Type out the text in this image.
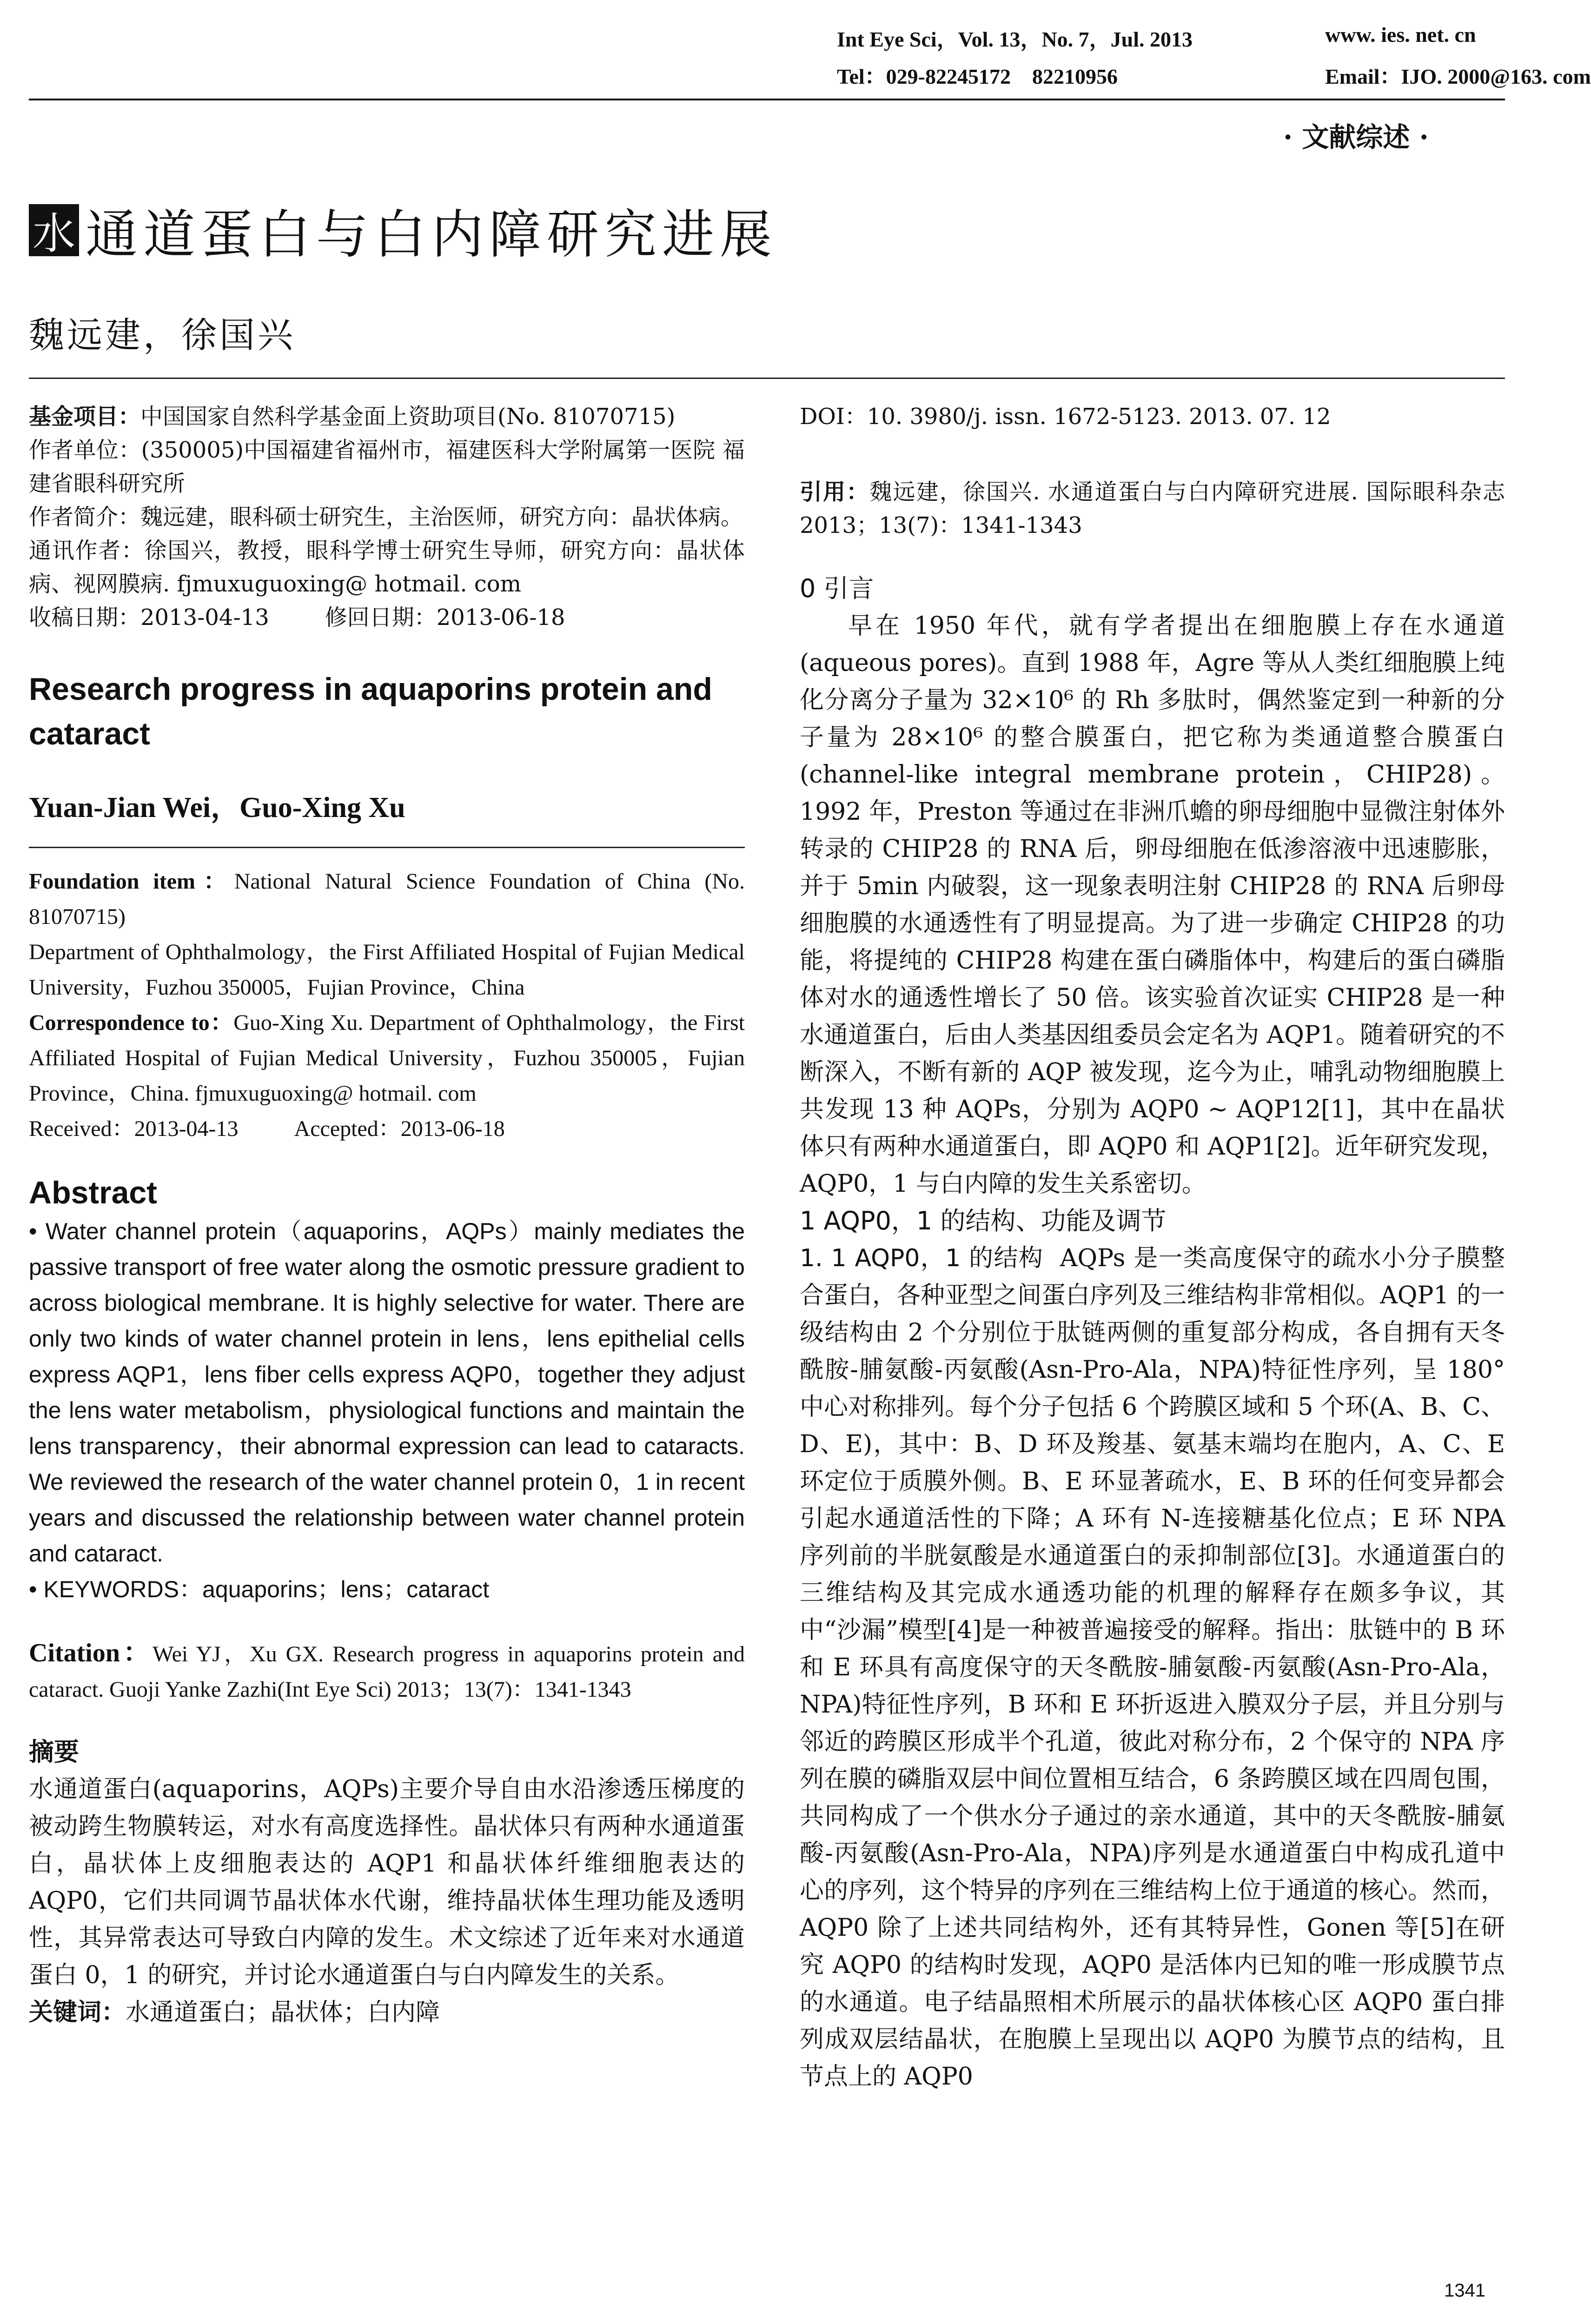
Int Eye Sci，Vol. 13，No. 7，Jul. 2013	www. ies. net. cn
Tel：029-82245172　82210956	Email：IJO. 2000@163. com
· 文献综述 ·
水 通道蛋白与白内障研究进展
魏远建，徐国兴
基金项目：中国国家自然科学基金面上资助项目(No. 81070715)
作者单位：(350005)中国福建省福州市，福建医科大学附属第一医院 福建省眼科研究所
作者简介：魏远建，眼科硕士研究生，主治医师，研究方向：晶状体病。
通讯作者：徐国兴，教授，眼科学博士研究生导师，研究方向：晶状体病、视网膜病. fjmuxuguoxing@ hotmail. com
收稿日期：2013-04-13	修回日期：2013-06-18
Research progress in aquaporins protein and cataract
Yuan-Jian Wei，Guo-Xing Xu
Foundation item：National Natural Science Foundation of China (No. 81070715)
Department of Ophthalmology，the First Affiliated Hospital of Fujian Medical University，Fuzhou 350005，Fujian Province，China
Correspondence to：Guo-Xing Xu. Department of Ophthalmology，the First Affiliated Hospital of Fujian Medical University，Fuzhou 350005，Fujian Province，China. fjmuxuguoxing@ hotmail. com
Received：2013-04-13	Accepted：2013-06-18
Abstract
• Water channel protein（aquaporins，AQPs）mainly mediates the passive transport of free water along the osmotic pressure gradient to across biological membrane. It is highly selective for water. There are only two kinds of water channel protein in lens，lens epithelial cells express AQP1，lens fiber cells express AQP0，together they adjust the lens water metabolism，physiological functions and maintain the lens transparency，their abnormal expression can lead to cataracts. We reviewed the research of the water channel protein 0，1 in recent years and discussed the relationship between water channel protein and cataract.
• KEYWORDS：aquaporins；lens；cataract
Citation：Wei YJ，Xu GX. Research progress in aquaporins protein and cataract. Guoji Yanke Zazhi(Int Eye Sci) 2013；13(7)：1341-1343
摘要
水通道蛋白(aquaporins，AQPs)主要介导自由水沿渗透压梯度的被动跨生物膜转运，对水有高度选择性。晶状体只有两种水通道蛋白，晶状体上皮细胞表达的 AQP1 和晶状体纤维细胞表达的 AQP0，它们共同调节晶状体水代谢，维持晶状体生理功能及透明性，其异常表达可导致白内障的发生。术文综述了近年来对水通道蛋白 0，1 的研究，并讨论水通道蛋白与白内障发生的关系。
关键词：水通道蛋白；晶状体；白内障
DOI：10. 3980/j. issn. 1672-5123. 2013. 07. 12
引用：魏远建，徐国兴. 水通道蛋白与白内障研究进展. 国际眼科杂志 2013；13(7)：1341-1343
0 引言
早在 1950 年代，就有学者提出在细胞膜上存在水通道(aqueous pores)。直到 1988 年，Agre 等从人类红细胞膜上纯化分离分子量为 32×10⁶ 的 Rh 多肽时，偶然鉴定到一种新的分子量为 28×10⁶ 的整合膜蛋白，把它称为类通道整合膜蛋白(channel-like integral membrane protein，CHIP28)。1992 年，Preston 等通过在非洲爪蟾的卵母细胞中显微注射体外转录的 CHIP28 的 RNA 后，卵母细胞在低渗溶液中迅速膨胀，并于 5min 内破裂，这一现象表明注射 CHIP28 的 RNA 后卵母细胞膜的水通透性有了明显提高。为了进一步确定 CHIP28 的功能，将提纯的 CHIP28 构建在蛋白磷脂体中，构建后的蛋白磷脂体对水的通透性增长了 50 倍。该实验首次证实 CHIP28 是一种水通道蛋白，后由人类基因组委员会定名为 AQP1。随着研究的不断深入，不断有新的 AQP 被发现，迄今为止，哺乳动物细胞膜上共发现 13 种 AQPs，分别为 AQP0 ~ AQP12[1]，其中在晶状体只有两种水通道蛋白，即 AQP0 和 AQP1[2]。近年研究发现，AQP0，1 与白内障的发生关系密切。
1 AQP0，1 的结构、功能及调节
1. 1 AQP0，1 的结构 AQPs 是一类高度保守的疏水小分子膜整合蛋白，各种亚型之间蛋白序列及三维结构非常相似。AQP1 的一级结构由 2 个分别位于肽链两侧的重复部分构成，各自拥有天冬酰胺-脯氨酸-丙氨酸(Asn-Pro-Ala，NPA)特征性序列，呈 180°中心对称排列。每个分子包括 6 个跨膜区域和 5 个环(A、B、C、D、E)，其中：B、D 环及羧基、氨基末端均在胞内，A、C、E 环定位于质膜外侧。B、E 环显著疏水，E、B 环的任何变异都会引起水通道活性的下降；A 环有 N-连接糖基化位点；E 环 NPA 序列前的半胱氨酸是水通道蛋白的汞抑制部位[3]。水通道蛋白的三维结构及其完成水通透功能的机理的解释存在颇多争议，其中“沙漏”模型[4]是一种被普遍接受的解释。指出：肽链中的 B 环和 E 环具有高度保守的天冬酰胺-脯氨酸-丙氨酸(Asn-Pro-Ala，NPA)特征性序列，B 环和 E 环折返进入膜双分子层，并且分别与邻近的跨膜区形成半个孔道，彼此对称分布，2 个保守的 NPA 序列在膜的磷脂双层中间位置相互结合，6 条跨膜区域在四周包围，共同构成了一个供水分子通过的亲水通道，其中的天冬酰胺-脯氨酸-丙氨酸(Asn-Pro-Ala，NPA)序列是水通道蛋白中构成孔道中心的序列，这个特异的序列在三维结构上位于通道的核心。然而，AQP0 除了上述共同结构外，还有其特异性，Gonen 等[5]在研究 AQP0 的结构时发现，AQP0 是活体内已知的唯一形成膜节点的水通道。电子结晶照相术所展示的晶状体核心区 AQP0 蛋白排列成双层结晶状，在胞膜上呈现出以 AQP0 为膜节点的结构，且节点上的 AQP0
1341
